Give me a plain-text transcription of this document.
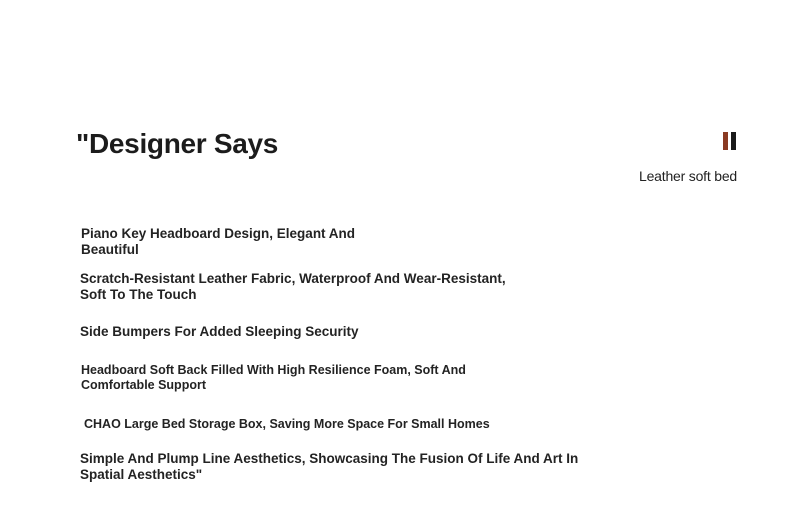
"Designer Says
Leather soft bed

Piano Key Headboard Design, Elegant And Beautiful

Scratch-Resistant Leather Fabric, Waterproof And Wear-Resistant, Soft To The Touch

Side Bumpers For Added Sleeping Security

Headboard Soft Back Filled With High Resilience Foam, Soft And Comfortable Support

CHAO Large Bed Storage Box, Saving More Space For Small Homes

Simple And Plump Line Aesthetics, Showcasing The Fusion Of Life And Art In Spatial Aesthetics"
